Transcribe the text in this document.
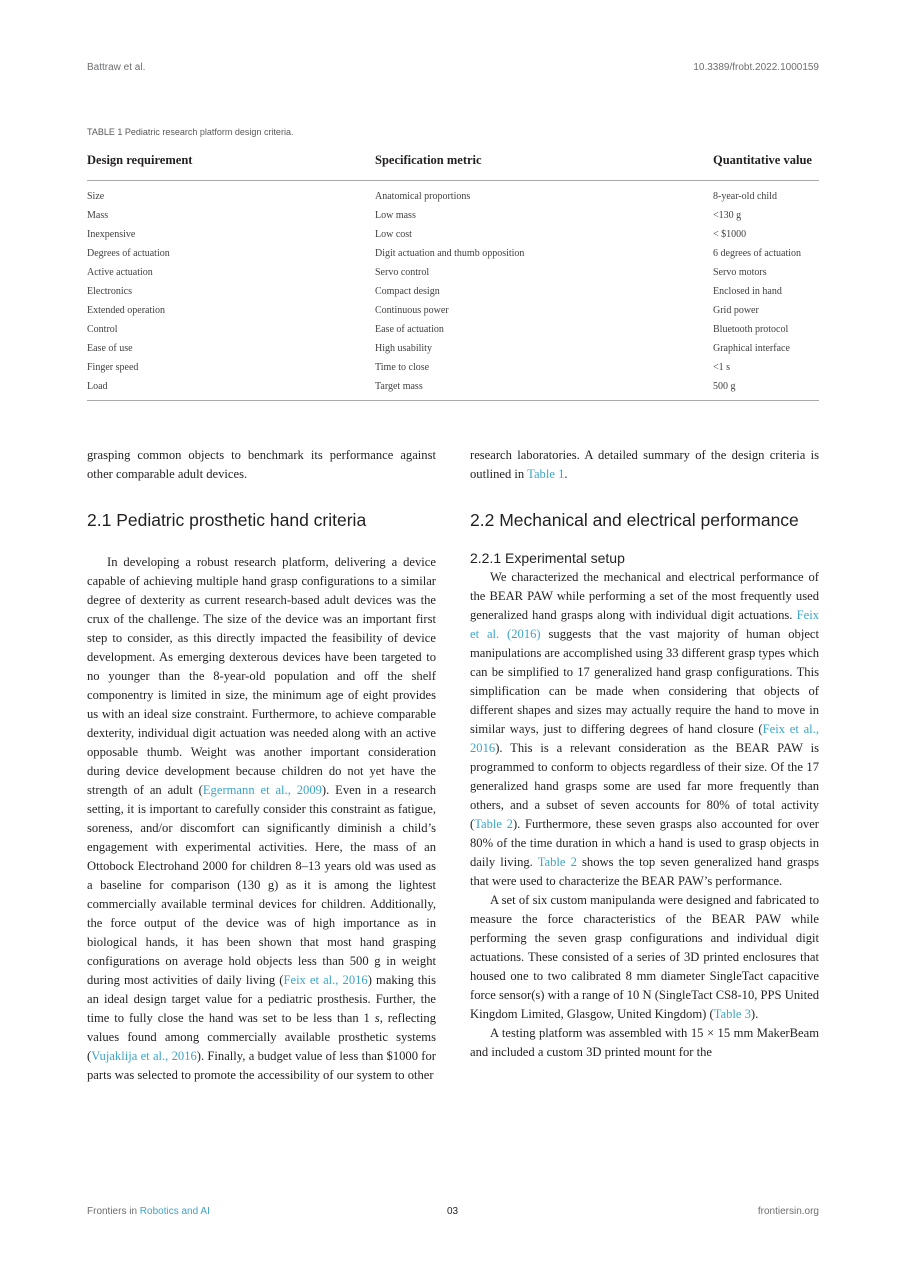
Battraw et al.	10.3389/frobt.2022.1000159
TABLE 1 Pediatric research platform design criteria.
Design requirement	Specification metric	Quantitative value
Size	Anatomical proportions	8-year-old child
Mass	Low mass	<130 g
Inexpensive	Low cost	< $1000
Degrees of actuation	Digit actuation and thumb opposition	6 degrees of actuation
Active actuation	Servo control	Servo motors
Electronics	Compact design	Enclosed in hand
Extended operation	Continuous power	Grid power
Control	Ease of actuation	Bluetooth protocol
Ease of use	High usability	Graphical interface
Finger speed	Time to close	<1 s
Load	Target mass	500 g

grasping common objects to benchmark its performance against other comparable adult devices.

2.1 Pediatric prosthetic hand criteria

In developing a robust research platform, delivering a device capable of achieving multiple hand grasp configurations to a similar degree of dexterity as current research-based adult devices was the crux of the challenge. The size of the device was an important first step to consider, as this directly impacted the feasibility of device development. As emerging dexterous devices have been targeted to no younger than the 8-year-old population and off the shelf componentry is limited in size, the minimum age of eight provides us with an ideal size constraint. Furthermore, to achieve comparable dexterity, individual digit actuation was needed along with an active opposable thumb. Weight was another important consideration during device development because children do not yet have the strength of an adult (Egermann et al., 2009). Even in a research setting, it is important to carefully consider this constraint as fatigue, soreness, and/or discomfort can significantly diminish a child’s engagement with experimental activities. Here, the mass of an Ottobock Electrohand 2000 for children 8–13 years old was used as a baseline for comparison (130 g) as it is among the lightest commercially available terminal devices for children. Additionally, the force output of the device was of high importance as in biological hands, it has been shown that most hand grasping configurations on average hold objects less than 500 g in weight during most activities of daily living (Feix et al., 2016) making this an ideal design target value for a pediatric prosthesis. Further, the time to fully close the hand was set to be less than 1 s, reflecting values found among commercially available prosthetic systems (Vujaklija et al., 2016). Finally, a budget value of less than $1000 for parts was selected to promote the accessibility of our system to other

research laboratories. A detailed summary of the design criteria is outlined in Table 1.

2.2 Mechanical and electrical performance
2.2.1 Experimental setup

We characterized the mechanical and electrical performance of the BEAR PAW while performing a set of the most frequently used generalized hand grasps along with individual digit actuations. Feix et al. (2016) suggests that the vast majority of human object manipulations are accomplished using 33 different grasp types which can be simplified to 17 generalized hand grasp configurations. This simplification can be made when considering that objects of different shapes and sizes may actually require the hand to move in similar ways, just to differing degrees of hand closure (Feix et al., 2016). This is a relevant consideration as the BEAR PAW is programmed to conform to objects regardless of their size. Of the 17 generalized hand grasps some are used far more frequently than others, and a subset of seven accounts for 80% of total activity (Table 2). Furthermore, these seven grasps also accounted for over 80% of the time duration in which a hand is used to grasp objects in daily living. Table 2 shows the top seven generalized hand grasps that were used to characterize the BEAR PAW’s performance.

A set of six custom manipulanda were designed and fabricated to measure the force characteristics of the BEAR PAW while performing the seven grasp configurations and individual digit actuations. These consisted of a series of 3D printed enclosures that housed one to two calibrated 8 mm diameter SingleTact capacitive force sensor(s) with a range of 10 N (SingleTact CS8-10, PPS United Kingdom Limited, Glasgow, United Kingdom) (Table 3).

A testing platform was assembled with 15 × 15 mm MakerBeam and included a custom 3D printed mount for the

Frontiers in Robotics and AI	03	frontiersin.org
